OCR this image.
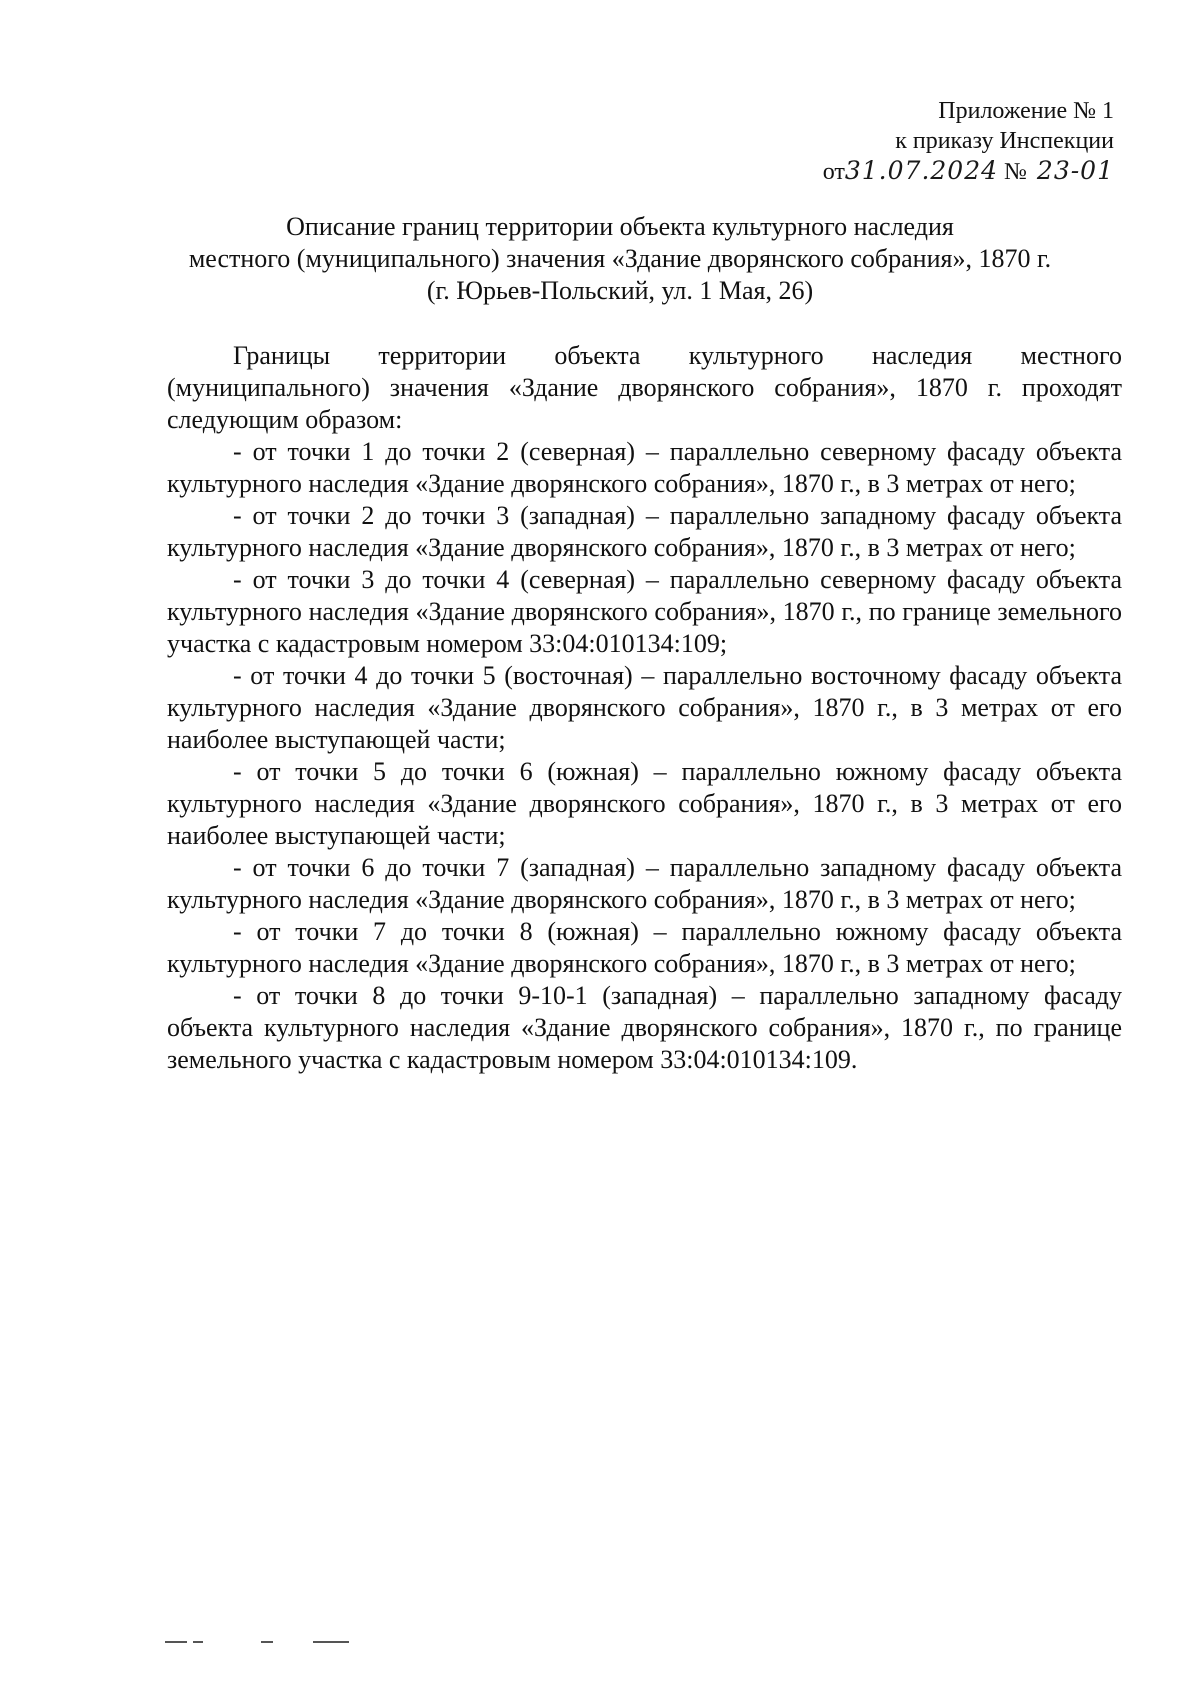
Приложение № 1
к приказу Инспекции
от31.07.2024 № 23-01
Описание границ территории объекта культурного наследия
местного (муниципального) значения «Здание дворянского собрания», 1870 г.
(г. Юрьев-Польский, ул. 1 Мая, 26)

Границы территории объекта культурного наследия местного (муниципального) значения «Здание дворянского собрания», 1870 г. проходят следующим образом:

- от точки 1 до точки 2 (северная) – параллельно северному фасаду объекта культурного наследия «Здание дворянского собрания», 1870 г., в 3 метрах от него;

- от точки 2 до точки 3 (западная) – параллельно западному фасаду объекта культурного наследия «Здание дворянского собрания», 1870 г., в 3 метрах от него;

- от точки 3 до точки 4 (северная) – параллельно северному фасаду объекта культурного наследия «Здание дворянского собрания», 1870 г., по границе земельного участка с кадастровым номером 33:04:010134:109;

- от точки 4 до точки 5 (восточная) – параллельно восточному фасаду объекта культурного наследия «Здание дворянского собрания», 1870 г., в 3 метрах от его наиболее выступающей части;

- от точки 5 до точки 6 (южная) – параллельно южному фасаду объекта культурного наследия «Здание дворянского собрания», 1870 г., в 3 метрах от его наиболее выступающей части;

- от точки 6 до точки 7 (западная) – параллельно западному фасаду объекта культурного наследия «Здание дворянского собрания», 1870 г., в 3 метрах от него;

- от точки 7 до точки 8 (южная) – параллельно южному фасаду объекта культурного наследия «Здание дворянского собрания», 1870 г., в 3 метрах от него;

- от точки 8 до точки 9-10-1 (западная) – параллельно западному фасаду объекта культурного наследия «Здание дворянского собрания», 1870 г., по границе земельного участка с кадастровым номером 33:04:010134:109.
